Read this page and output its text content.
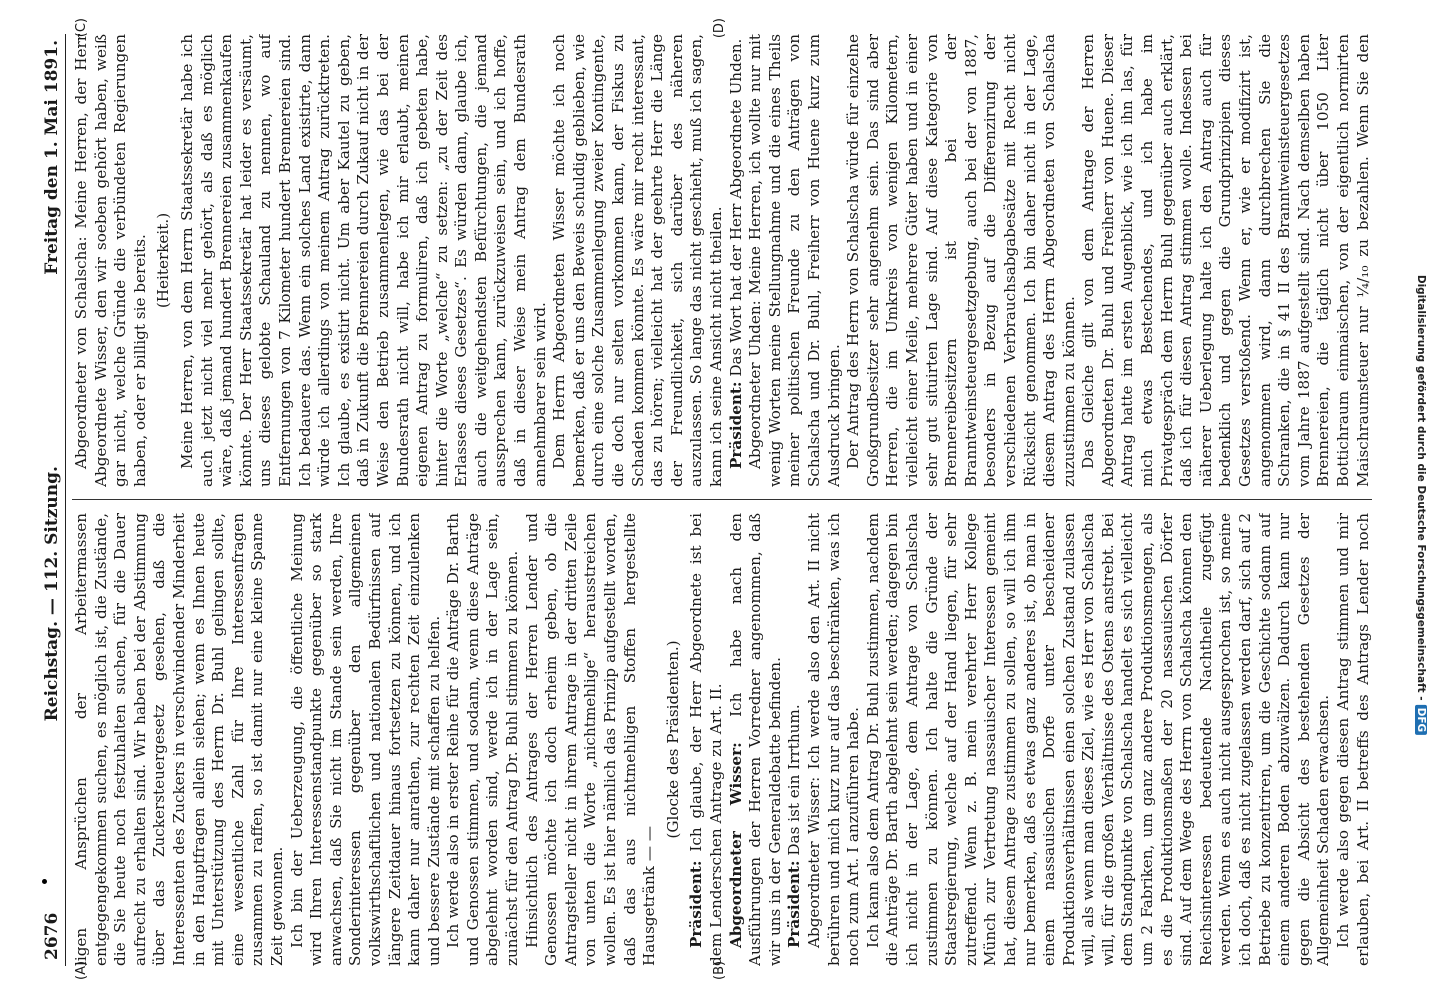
2676
Reichstag. — 112. Sitzung.
Freitag den 1. Mai 1891.

ligen Ansprüchen der Arbeitermassen entgegengekommen suchen, es möglich ist, die Zustände, die Sie heute noch festzuhalten suchen, für die Dauer aufrecht zu erhalten sind. Wir haben bei der Abstimmung über das Zuckersteuergesetz gesehen, daß die Interessenten des Zuckers in verschwindender Minderheit in den Hauptfragen allein siehen; wenn es Ihnen heute mit Unterstützung des Herrn Dr. Buhl gelingen sollte, eine wesentliche Zahl für Ihre Interessenfragen zusammen zu raffen, so ist damit nur eine kleine Spanne Zeit gewonnen. Ich bin der Ueberzeugung, die öffentliche Meinung wird Ihren Interessenstandpunkte gegenüber so stark anwachsen, daß Sie nicht im Stande sein werden, Ihre Sonderinteressen gegenüber den allgemeinen volkswirthschaftlichen und nationalen Bedürfnissen auf längere Zeitdauer hinaus fortsetzen zu können, und ich kann daher nur anrathen, zur rechten Zeit einzulenken und bessere Zustände mit schaffen zu helfen. Ich werde also in erster Reihe für die Anträge Dr. Barth und Genossen stimmen, und sodann, wenn diese Anträge abgelehnt worden sind, werde ich in der Lage sein, zunächst für den Antrag Dr. Buhl stimmen zu können. Hinsichtlich des Antrages der Herren Lender und Genossen möchte ich doch erheim geben, ob die Antragsteller nicht in ihrem Antrage in der dritten Zeile von unten die Worte „nichtmehlige“ herausstreichen wollen. Es ist hier nämlich das Prinzip aufgestellt worden, daß das aus nichtmehligen Stoffen hergestellte Hausgetränk — —

(Glocke des Präsidenten.)

Präsident: Ich glaube, der Herr Abgeordnete ist bei dem Lenderschen Antrage zu Art. II. Abgeordneter Wisser: Ich habe nach den Ausführungen der Herren Vorredner angenommen, daß wir uns in der Generaldebatte befinden. Präsident: Das ist ein Irrthum. Abgeordneter Wisser: Ich werde also den Art. II nicht berühren und mich kurz nur auf das beschränken, was ich noch zum Art. I anzuführen habe. Ich kann also dem Antrag Dr. Buhl zustimmen, nachdem die Anträge Dr. Barth abgelehnt sein werden; dagegen bin ich nicht in der Lage, dem Antrage von Schalscha zustimmen zu können. Ich halte die Gründe der Staatsregierung, welche auf der Hand liegen, für sehr zutreffend. Wenn z. B. mein verehrter Herr Kollege Münch zur Vertretung nassauischer Interessen gemeint hat, diesem Antrage zustimmen zu sollen, so will ich ihm nur bemerken, daß es etwas ganz anderes ist, ob man in einem nassauischen Dorfe unter bescheidener Produktionsverhältnissen einen solchen Zustand zulassen will, als wenn man dieses Ziel, wie es Herr von Schalscha will, für die großen Verhältnisse des Ostens anstrebt. Bei dem Standpunkte von Schalscha handelt es sich vielleicht um 2 Fabriken, um ganz andere Produktionsmengen, als es die Produktionsmaßen der 20 nassauischen Dörfer sind. Auf dem Wege des Herrn von Schalscha können den Reichsinteressen bedeutende Nachtheile zugefügt werden. Wenn es auch nicht ausgesprochen ist, so meine ich doch, daß es nicht zugelassen werden darf, sich auf 2 Betriebe zu konzentriren, um die Geschichte sodann auf einem anderen Boden abzuwälzen. Dadurch kann nur gegen die Absicht des bestehenden Gesetzes der Allgemeinheit Schaden erwachsen. Ich werde also gegen diesen Antrag stimmen und mir erlauben, bei Art. II betreffs des Antrags Lender noch

Abgeordneter von Schalscha: Meine Herren, der Herr Abgeordnete Wisser, den wir soeben gehört haben, weiß gar nicht, welche Gründe die verbündeten Regierungen haben, oder er billigt sie bereits. (Heiterkeit.) Meine Herren, von dem Herrn Staatssekretär habe ich auch jetzt nicht viel mehr gehört, als daß es möglich wäre, daß jemand hundert Brennereien zusammenkaufen könnte. Der Herr Staatssekretär hat leider es versäumt, uns dieses gelobte Schauland zu nennen, wo auf Entfernungen von 7 Kilometer hundert Brennereien sind. Ich bedauere das. Wenn ein solches Land existirte, dann würde ich allerdings von meinem Antrag zurücktreten. Ich glaube, es existirt nicht. Um aber Kautel zu geben, daß in Zukunft die Brennereien durch Zukauf nicht in der Weise den Betrieb zusammenlegen, wie das bei der Bundesrath nicht will, habe ich mir erlaubt, meinen eigenen Antrag zu formuliren, daß ich gebeten habe, hinter die Worte „welche“ zu setzen: „zu der Zeit des Erlasses dieses Gesetzes“. Es würden dann, glaube ich, auch die weitgehendsten Befürchtungen, die jemand aussprechen kann, zurückzuweisen sein, und ich hoffe, daß in dieser Weise mein Antrag dem Bundesrath annehmbarer sein wird. Dem Herrn Abgeordneten Wisser möchte ich noch bemerken, daß er uns den Beweis schuldig geblieben, wie durch eine solche Zusammenlegung zweier Kontingente, die doch nur selten vorkommen kann, der Fiskus zu Schaden kommen könnte. Es wäre mir recht interessant, das zu hören; vielleicht hat der geehrte Herr die Länge der Freundlichkeit, sich darüber des näheren auszulassen. So lange das nicht geschieht, muß ich sagen, kann ich seine Ansicht nicht theilen. Präsident: Das Wort hat der Herr Abgeordnete Uhden. Abgeordneter Uhden: Meine Herren, ich wollte nur mit wenig Worten meine Stellungnahme und die eines Theils meiner politischen Freunde zu den Anträgen von Schalscha und Dr. Buhl, Freiherr von Huene kurz zum Ausdruck bringen. Der Antrag des Herrn von Schalscha würde für einzelne Großgrundbesitzer sehr angenehm sein. Das sind aber Herren, die im Umkreis von wenigen Kilometern, vielleicht einer Meile, mehrere Güter haben und in einer sehr gut situirten Lage sind. Auf diese Kategorie von Brennereibesitzern ist bei der Branntweinsteuergesetzgebung, auch bei der von 1887, besonders in Bezug auf die Differenzirung der verschiedenen Verbrauchsabgabesätze mit Recht nicht Rücksicht genommen. Ich bin daher nicht in der Lage, diesem Antrag des Herrn Abgeordneten von Schalscha zuzustimmen zu können. Das Gleiche gilt von dem Antrage der Herren Abgeordneten Dr. Buhl und Freiherr von Huene. Dieser Antrag hatte im ersten Augenblick, wie ich ihn las, für mich etwas Bestechendes, und ich habe im Privatgespräch dem Herrn Buhl gegenüber auch erklärt, daß ich für diesen Antrag stimmen wolle. Indessen bei näherer Ueberlegung halte ich den Antrag auch für bedenklich und gegen die Grundprinzipien dieses Gesetzes verstoßend. Wenn er, wie er modifizirt ist, angenommen wird, dann durchbrechen Sie die Schranken, die in § 41 II des Branntweinsteuergesetzes vom Jahre 1887 aufgestellt sind. Nach demselben haben Brennereien, die täglich nicht über 1050 Liter Bottichraum einmaischen, von der eigentlich normirten Maischraumsteuer nur ¼/₁₀ zu bezahlen. Wenn Sie den

(A)	(B)
(C)	(D)
Digitalisierung gefördert durch die Deutsche Forschungsgemeinschaft -DFG
